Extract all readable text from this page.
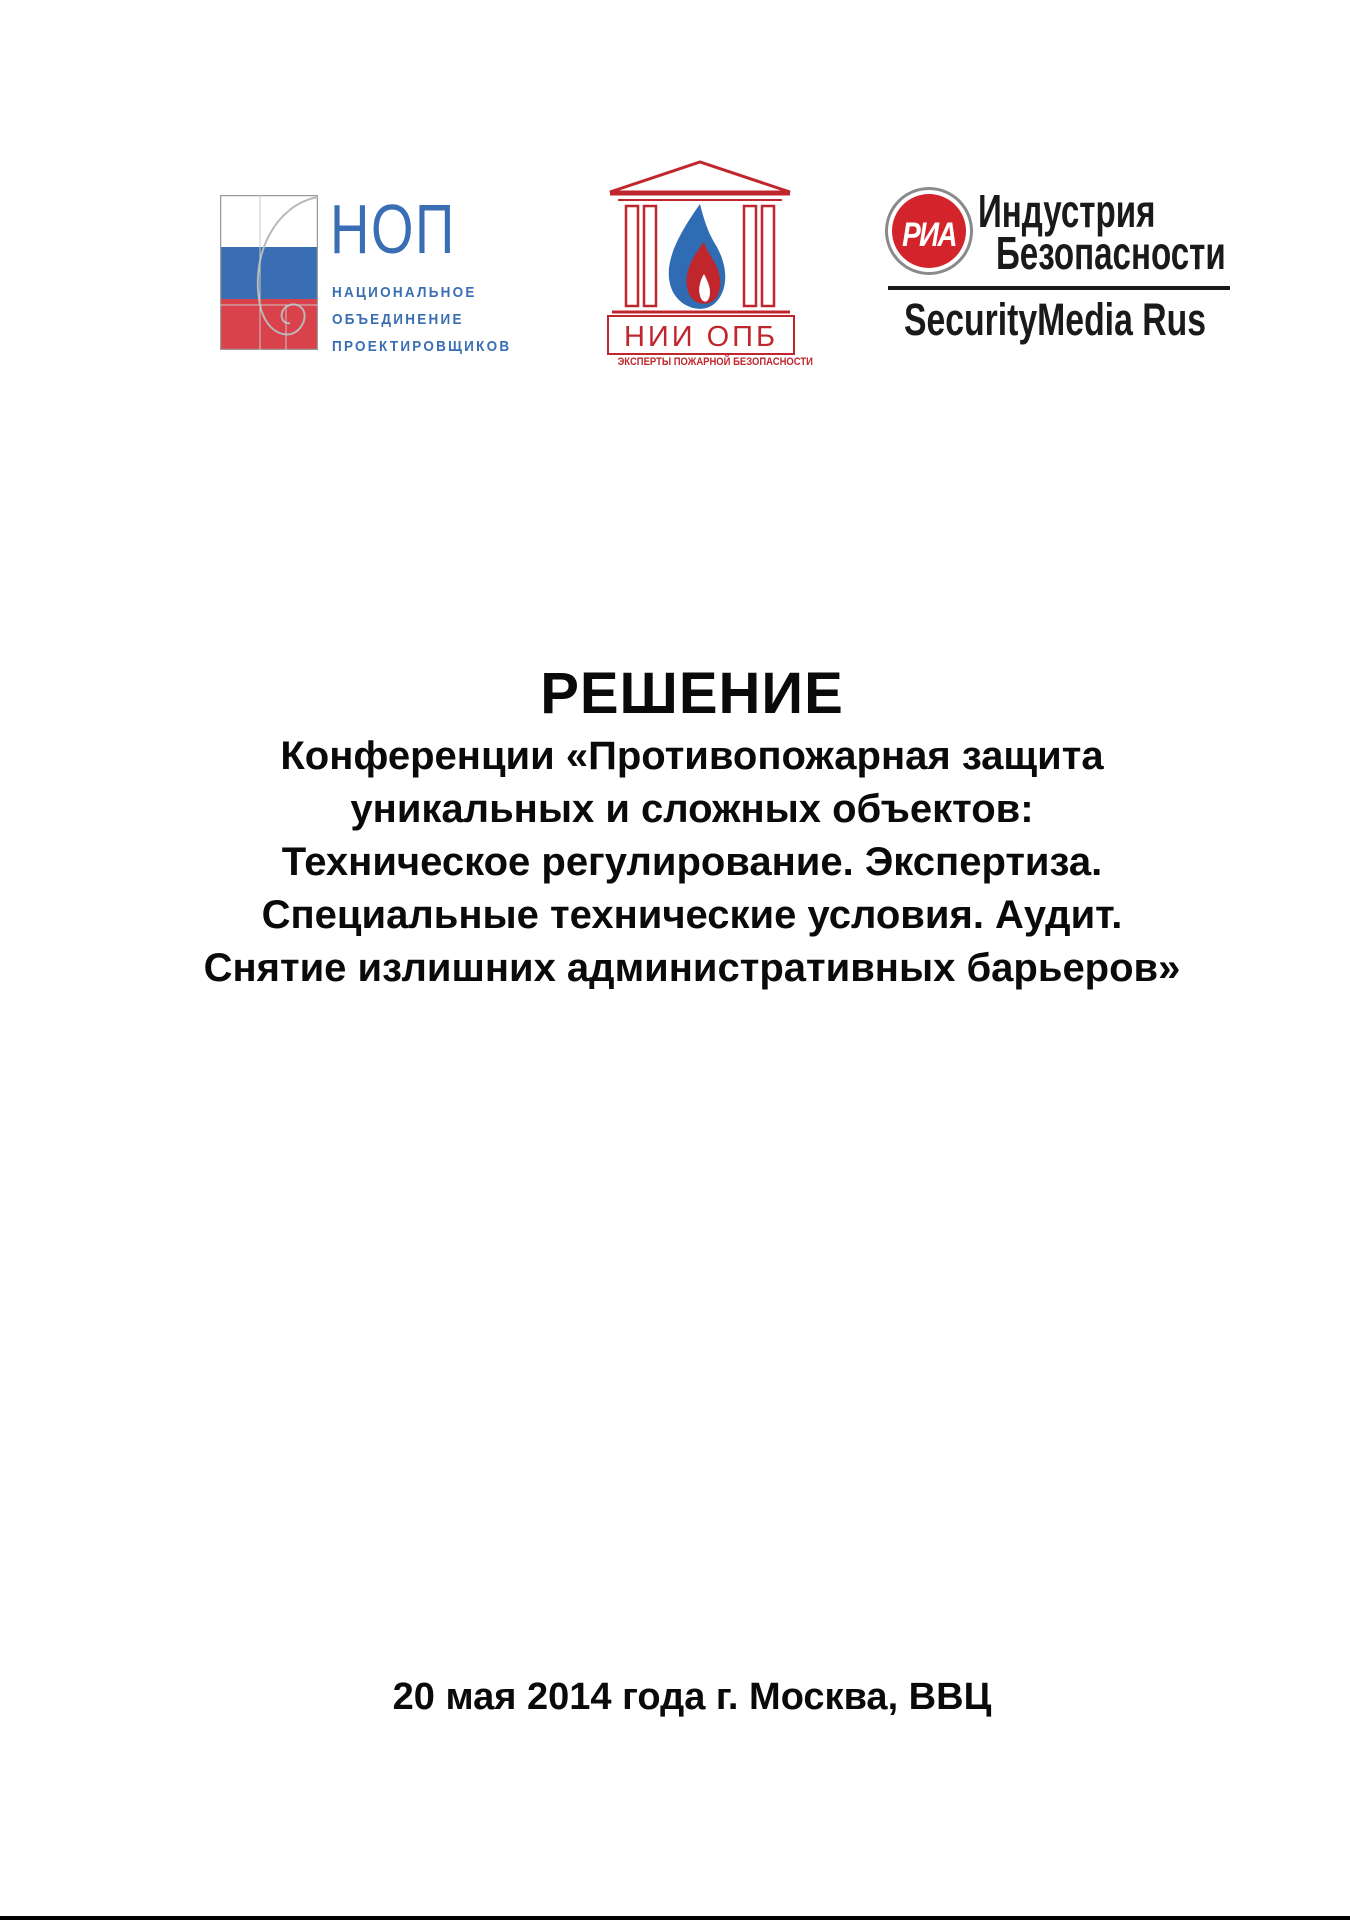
НОП
НАЦИОНАЛЬНОЕ
ОБЪЕДИНЕНИЕ
ПРОЕКТИРОВЩИКОВ	НИИ ОПБ
ЭКСПЕРТЫ ПОЖАРНОЙ БЕЗОПАСНОСТИ
РИА Индустрия
Безопасности
SecurityMedia Rus
РЕШЕНИЕ
Конференции «Противопожарная защита
уникальных и сложных объектов:
Техническое регулирование. Экспертиза.
Специальные технические условия. Аудит.
Снятие излишних административных барьеров»
20 мая 2014 года г. Москва, ВВЦ
